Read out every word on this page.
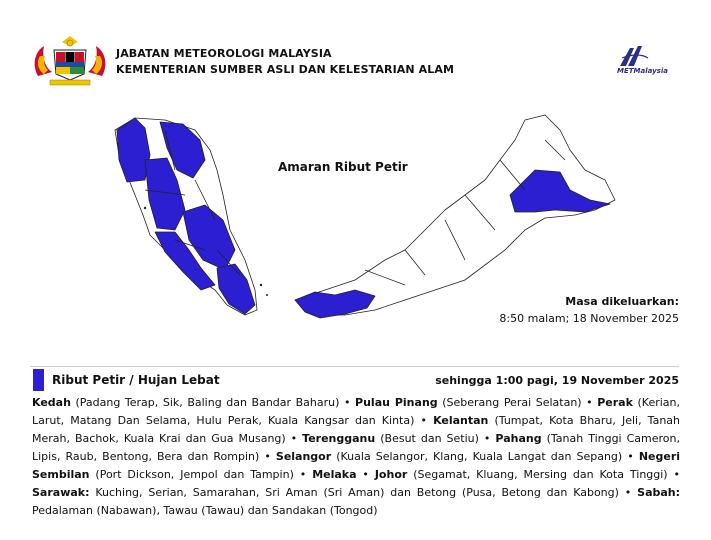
JABATAN METEOROLOGI MALAYSIA
KEMENTERIAN SUMBER ASLI DAN KELESTARIAN ALAM	METMalaysia
Amaran Ribut Petir
Masa dikeluarkan:
8:50 malam; 18 November 2025
Ribut Petir / Hujan Lebat	sehingga 1:00 pagi, 19 November 2025
Kedah (Padang Terap, Sik, Baling dan Bandar Baharu) • Pulau Pinang (Seberang Perai Selatan) • Perak (Kerian, Larut, Matang Dan Selama, Hulu Perak, Kuala Kangsar dan Kinta) • Kelantan (Tumpat, Kota Bharu, Jeli, Tanah Merah, Bachok, Kuala Krai dan Gua Musang) • Terengganu (Besut dan Setiu) • Pahang (Tanah Tinggi Cameron, Lipis, Raub, Bentong, Bera dan Rompin) • Selangor (Kuala Selangor, Klang, Kuala Langat dan Sepang) • Negeri Sembilan (Port Dickson, Jempol dan Tampin) • Melaka • Johor (Segamat, Kluang, Mersing dan Kota Tinggi) • Sarawak: Kuching, Serian, Samarahan, Sri Aman (Sri Aman) dan Betong (Pusa, Betong dan Kabong) • Sabah: Pedalaman (Nabawan), Tawau (Tawau) dan Sandakan (Tongod)
